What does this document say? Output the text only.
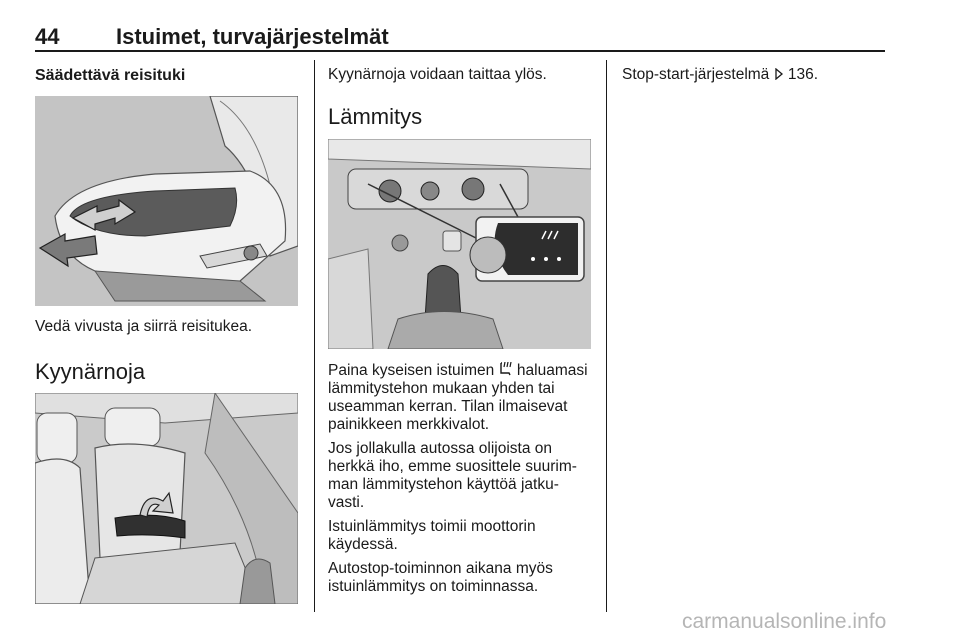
44	Istuimet, turvajärjestelmät

Säädettävä reisituki

Vedä vivusta ja siirrä reisitukea.

Kyynärnoja

Kyynärnoja voidaan taittaa ylös.

Lämmitys

Paina kyseisen istuimen haluamasi
lämmitystehon mukaan yhden tai
useamman kerran. Tilan ilmaisevat
painikkeen merkkivalot.

Jos jollakulla autossa olijoista on
herkkä iho, emme suosittele suurim-
man lämmitystehon käyttöä jatku-
vasti.

Istuinlämmitys toimii moottorin
käydessä.

Autostop-toiminnon aikana myös
istuinlämmitys on toiminnassa.

Stop-start-järjestelmä 136.

carmanualsonline.info
